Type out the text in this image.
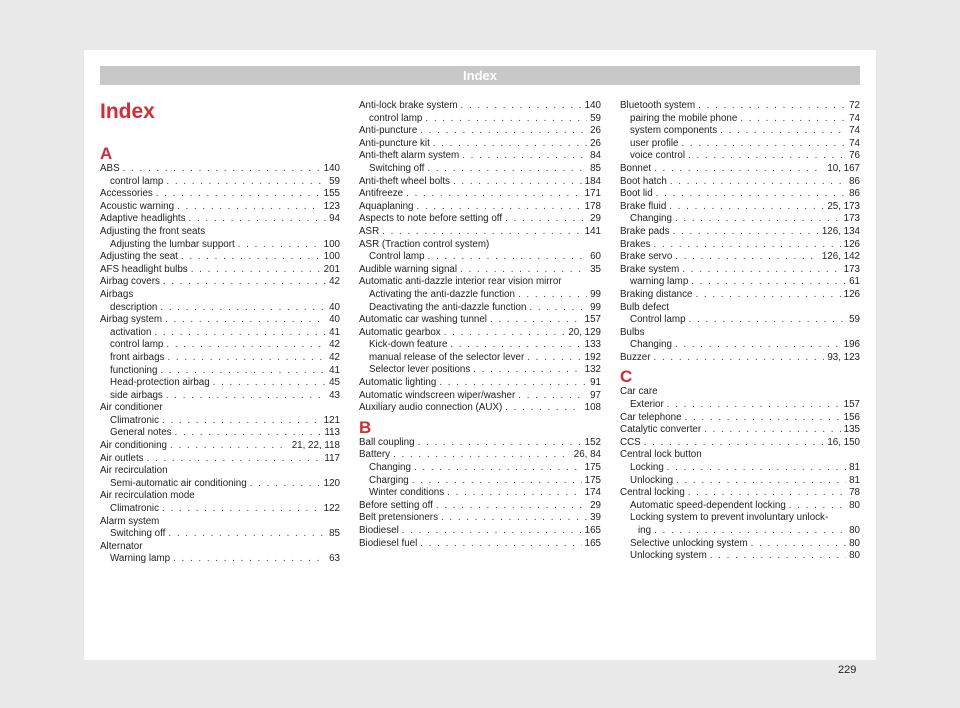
Index
Index
A
ABS . . .	140
control lamp . . .	59
Accessories . . .	155
Acoustic warning . . .	123
Adaptive headlights . . .	94
Adjusting the front seats
Adjusting the lumbar support . . .	100
Adjusting the seat . . .	100
AFS headlight bulbs . . .	201
Airbag covers . . .	42
Airbags
description . . .	40
Airbag system . . .	40
activation . . .	41
control lamp . . .	42
front airbags . . .	42
functioning . . .	41
Head-protection airbag . . .	45
side airbags . . .	43
Air conditioner
Climatronic . . .	121
General notes . . .	113
Air conditioning . . .	21, 22, 118
Air outlets . . .	117
Air recirculation
Semi-automatic air conditioning . . .	120
Air recirculation mode
Climatronic . . .	122
Alarm system
Switching off . . .	85
Alternator
Warning lamp . . .	63
Anti-lock brake system . . .	140
control lamp . . .	59
Anti-puncture . . .	26
Anti-puncture kit . . .	26
Anti-theft alarm system . . .	84
Switching off . . .	85
Anti-theft wheel bolts . . .	184
Antifreeze . . .	171
Aquaplaning . . .	178
Aspects to note before setting off . . .	29
ASR . . .	141
ASR (Traction control system)
Control lamp . . .	60
Audible warning signal . . .	35
Automatic anti-dazzle interior rear vision mirror
Activating the anti-dazzle function . . .	99
Deactivating the anti-dazzle function . . .	99
Automatic car washing tunnel . . .	157
Automatic gearbox . . .	20, 129
Kick-down feature . . .	133
manual release of the selector lever . . .	192
Selector lever positions . . .	132
Automatic lighting . . .	91
Automatic windscreen wiper/washer . . .	97
Auxiliary audio connection (AUX) . . .	108
B
Ball coupling . . .	152
Battery . . .	26, 84
Changing . . .	175
Charging . . .	175
Winter conditions . . .	174
Before setting off . . .	29
Belt pretensioners . . .	39
Biodiesel . . .	165
Biodiesel fuel . . .	165
Bluetooth system . . .	72
pairing the mobile phone . . .	74
system components . . .	74
user profile . . .	74
voice control . . .	76
Bonnet . . .	10, 167
Boot hatch . . .	86
Boot lid . . .	86
Brake fluid . . .	25, 173
Changing . . .	173
Brake pads . . .	126, 134
Brakes . . .	126
Brake servo . . .	126, 142
Brake system . . .	173
warning lamp . . .	61
Braking distance . . .	126
Bulb defect
Control lamp . . .	59
Bulbs
Changing . . .	196
Buzzer . . .	93, 123
C
Car care
Exterior . . .	157
Car telephone . . .	156
Catalytic converter . . .	135
CCS . . .	16, 150
Central lock button
Locking . . .	81
Unlocking . . .	81
Central locking . . .	78
Automatic speed-dependent locking . . .	80
Locking system to prevent involuntary unlock-
ing . . .	80
Selective unlocking system . . .	80
Unlocking system . . .	80
229
